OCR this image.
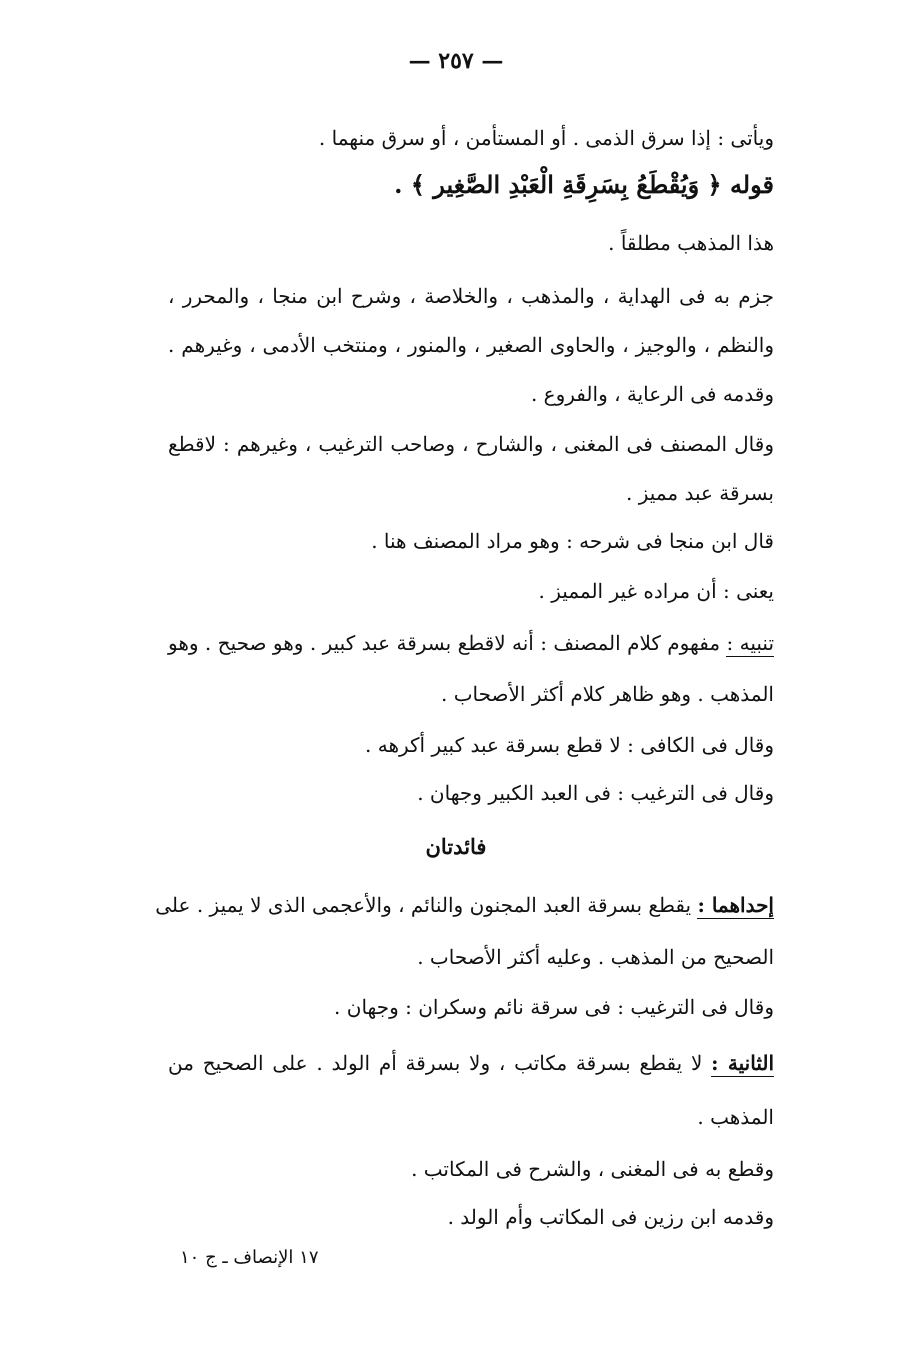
— ٢٥٧ —
ويأتى : إذا سرق الذمى . أو المستأمن ، أو سرق منهما .
قوله ﴿ وَيُقْطَعُ بِسَرِقَةِ الْعَبْدِ الصَّغِير ﴾ .
هذا المذهب مطلقاً .
جزم به فى الهداية ، والمذهب ، والخلاصة ، وشرح ابن منجا ، والمحرر ،
والنظم ، والوجيز ، والحاوى الصغير ، والمنور ، ومنتخب الأدمى ، وغيرهم .
وقدمه فى الرعاية ، والفروع .
وقال المصنف فى المغنى ، والشارح ، وصاحب الترغيب ، وغيرهم : لاقطع
بسرقة عبد مميز .
قال ابن منجا فى شرحه : وهو مراد المصنف هنا .
يعنى : أن مراده غير المميز .
تنبيه : مفهوم كلام المصنف : أنه لاقطع بسرقة عبد كبير . وهو صحيح . وهو
المذهب . وهو ظاهر كلام أكثر الأصحاب .
وقال فى الكافى : لا قطع بسرقة عبد كبير أكرهه .
وقال فى الترغيب : فى العبد الكبير وجهان .
فائدتان
إحداهما : يقطع بسرقة العبد المجنون والنائم ، والأعجمى الذى لا يميز . على
الصحيح من المذهب . وعليه أكثر الأصحاب .
وقال فى الترغيب : فى سرقة نائم وسكران : وجهان .
الثانية : لا يقطع بسرقة مكاتب ، ولا بسرقة أم الولد . على الصحيح من
المذهب .
وقطع به فى المغنى ، والشرح فى المكاتب .
وقدمه ابن رزين فى المكاتب وأم الولد .
١٧ الإنصاف ـ ج ١٠
